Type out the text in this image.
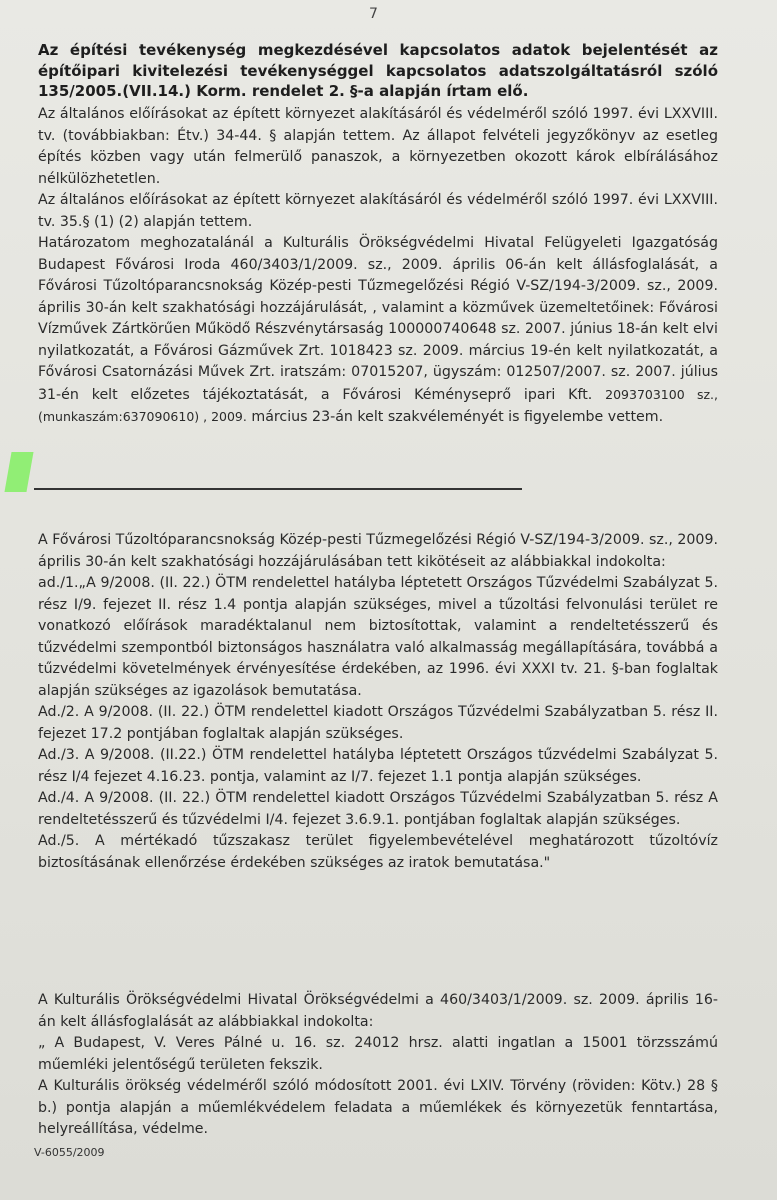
7

Az építési tevékenység megkezdésével kapcsolatos adatok bejelentését az építőipari kivitelezési tevékenységgel kapcsolatos adatszolgáltatásról szóló 135/2005.(VII.14.) Korm. rendelet 2. §-a alapján írtam elő.

Az általános előírásokat az épített környezet alakításáról és védelméről szóló 1997. évi LXXVIII. tv. (továbbiakban: Étv.) 34-44. § alapján tettem. Az állapot felvételi jegyzőkönyv az esetleg építés közben vagy után felmerülő panaszok, a környezetben okozott károk elbírálásához nélkülözhetetlen.

Az általános előírásokat az épített környezet alakításáról és védelméről szóló 1997. évi LXXVIII. tv. 35.§ (1) (2) alapján tettem.

Határozatom meghozatalánál a Kulturális Örökségvédelmi Hivatal Felügyeleti Igazgatóság Budapest Fővárosi Iroda 460/3403/1/2009. sz., 2009. április 06-án kelt állásfoglalását, a Fővárosi Tűzoltóparancsnokság Közép-pesti Tűzmegelőzési Régió V-SZ/194-3/2009. sz., 2009. április 30-án kelt szakhatósági hozzájárulását, , valamint a közművek üzemeltetőinek: Fővárosi Vízművek Zártkörűen Működő Részvénytársaság 100000740648 sz. 2007. június 18-án kelt elvi nyilatkozatát, a Fővárosi Gázművek Zrt. 1018423 sz. 2009. március 19-én kelt nyilatkozatát, a Fővárosi Csatornázási Művek Zrt. iratszám: 07015207, ügyszám: 012507/2007. sz. 2007. július 31-én kelt előzetes tájékoztatását, a Fővárosi Kéményseprő ipari Kft. 2093703100 sz., (munkaszám:637090610) , 2009. március 23-án kelt szakvéleményét is figyelembe vettem.

A Fővárosi Tűzoltóparancsnokság Közép-pesti Tűzmegelőzési Régió V-SZ/194-3/2009. sz., 2009. április 30-án kelt szakhatósági hozzájárulásában tett kikötéseit az alábbiakkal indokolta:

ad./1.„A 9/2008. (II. 22.) ÖTM rendelettel hatályba léptetett Országos Tűzvédelmi Szabályzat 5. rész I/9. fejezet II. rész 1.4 pontja alapján szükséges, mivel a tűzoltási felvonulási terület re vonatkozó előírások maradéktalanul nem biztosítottak, valamint a rendeltetésszerű és tűzvédelmi szempontból biztonságos használatra való alkalmasság megállapítására, továbbá a tűzvédelmi követelmények érvényesítése érdekében, az 1996. évi XXXI tv. 21. §-ban foglaltak alapján szükséges az igazolások bemutatása.

Ad./2. A 9/2008. (II. 22.) ÖTM rendelettel kiadott Országos Tűzvédelmi Szabályzatban 5. rész II. fejezet 17.2 pontjában foglaltak alapján szükséges.

Ad./3. A 9/2008. (II.22.) ÖTM rendelettel hatályba léptetett Országos tűzvédelmi Szabályzat 5. rész I/4 fejezet 4.16.23. pontja, valamint az I/7. fejezet 1.1 pontja alapján szükséges.

Ad./4. A 9/2008. (II. 22.) ÖTM rendelettel kiadott Országos Tűzvédelmi Szabályzatban 5. rész A rendeltetésszerű és tűzvédelmi I/4. fejezet 3.6.9.1. pontjában foglaltak alapján szükséges.

Ad./5. A mértékadó tűzszakasz terület figyelembevételével meghatározott tűzoltóvíz biztosításának ellenőrzése érdekében szükséges az iratok bemutatása."

A Kulturális Örökségvédelmi Hivatal Örökségvédelmi a 460/3403/1/2009. sz. 2009. április 16-án kelt állásfoglalását az alábbiakkal indokolta:

„ A Budapest, V. Veres Pálné u. 16. sz. 24012 hrsz. alatti ingatlan a 15001 törzsszámú műemléki jelentőségű területen fekszik.

A Kulturális örökség védelméről szóló módosított 2001. évi LXIV. Törvény (röviden: Kötv.) 28 § b.) pontja alapján a műemlékvédelem feladata a műemlékek és környezetük fenntartása, helyreállítása, védelme.

V-6055/2009
